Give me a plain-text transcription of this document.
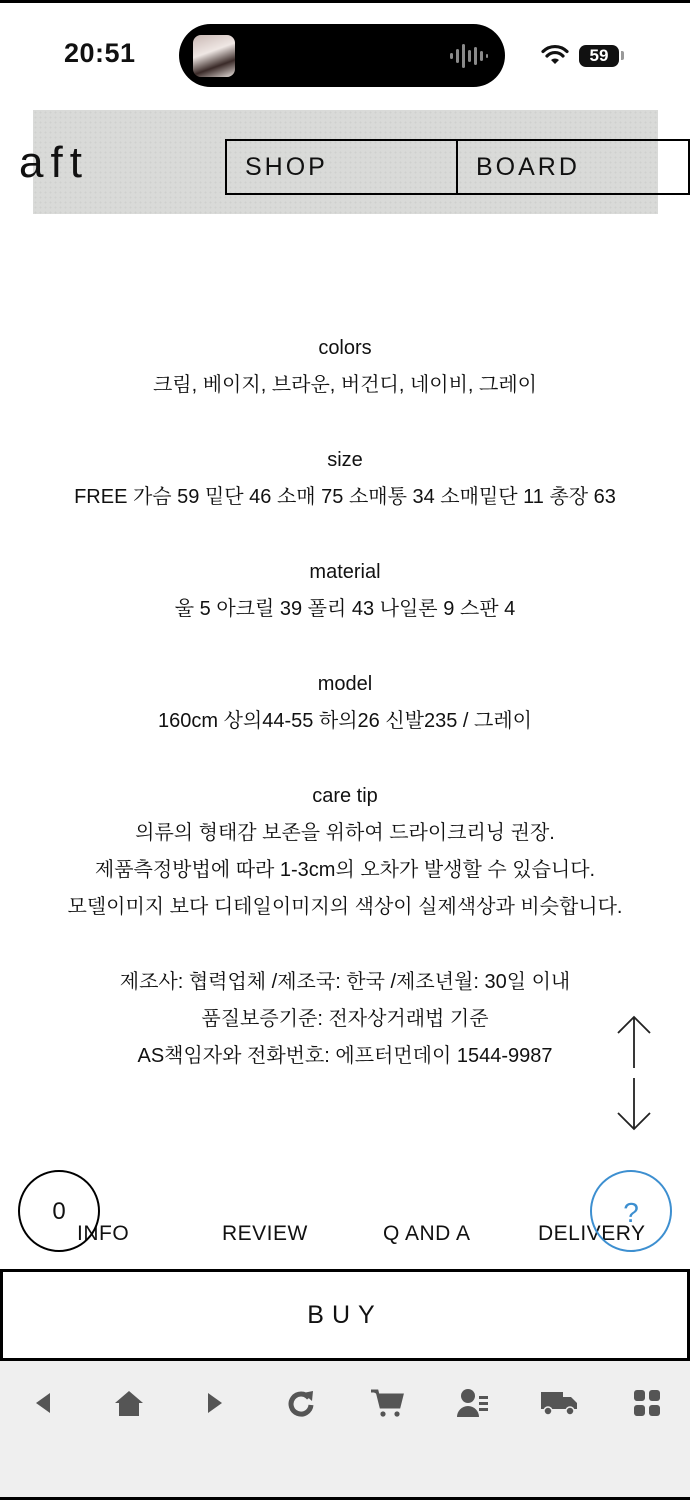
20:51	59
aft	SHOP	BOARD
colors
크림, 베이지, 브라운, 버건디, 네이비, 그레이
size
FREE 가슴 59 밑단 46 소매 75 소매통 34 소매밑단 11 총장 63
material
울 5 아크릴 39 폴리 43 나일론 9 스판 4
model
160cm 상의44-55 하의26 신발235 / 그레이
care tip
의류의 형태감 보존을 위하여 드라이크리닝 권장.
제품측정방법에 따라 1-3cm의 오차가 발생할 수 있습니다.
모델이미지 보다 디테일이미지의 색상이 실제색상과 비슷합니다.
제조사: 협력업체 /제조국: 한국 /제조년월: 30일 이내
품질보증기준: 전자상거래법 기준
AS책임자와 전화번호: 에프터먼데이 1544-9987
INFO	REVIEW	Q AND A	DELIVERY
0	?
BUY
